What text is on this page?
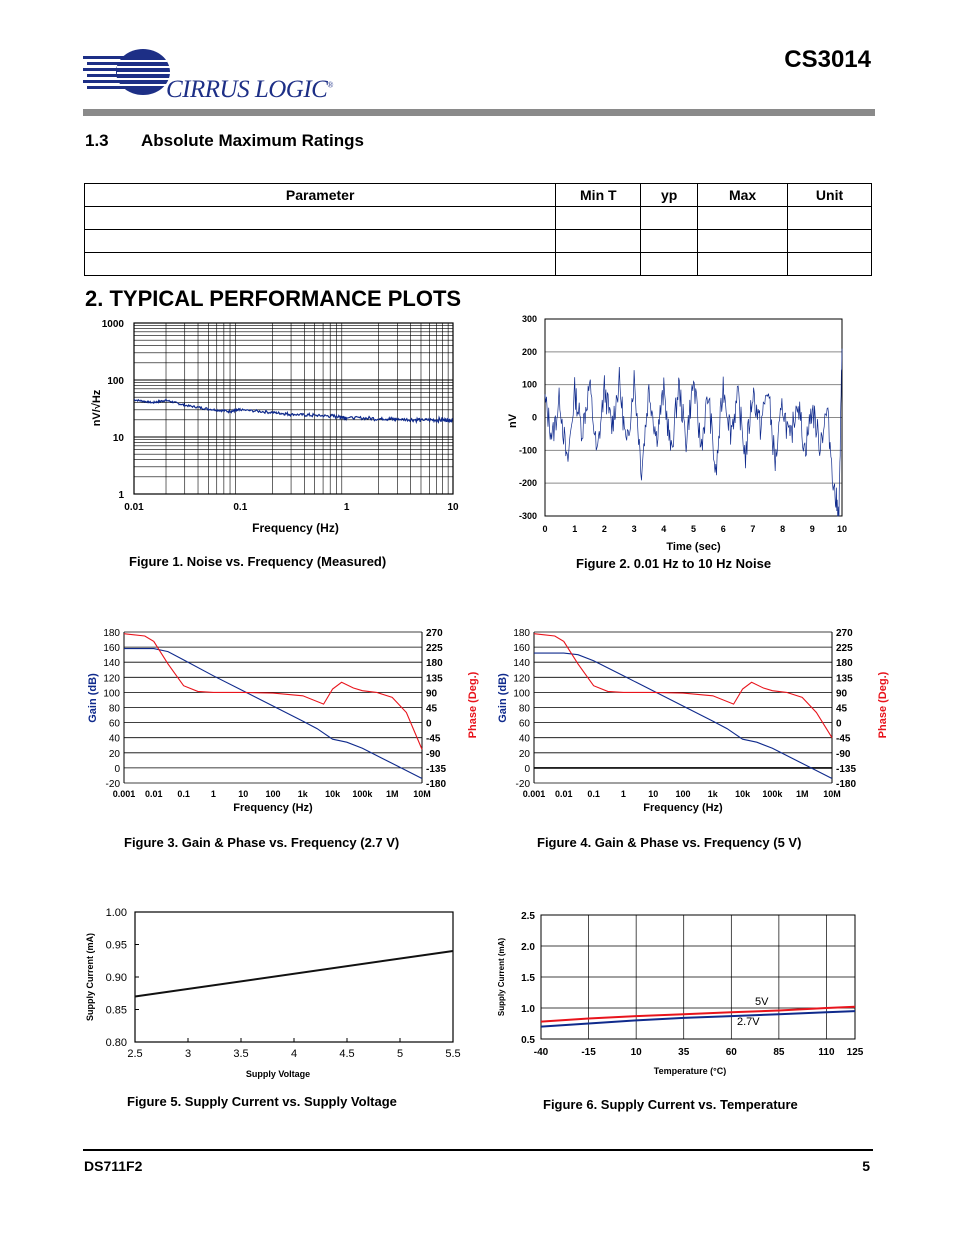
CIRRUS LOGIC®
CS3014
1.3 Absolute Maximum Ratings
Parameter	Min T	yp	Max	Unit

2. TYPICAL PERFORMANCE PLOTS
0.01	0.1	1	10
1
10
100
1000
Frequency (Hz)
nV/√Hz
0	1	2	3	4	5	6	7	8	9 10
300
200
100
0
-100
-200
-300
Time (sec)
nV
180
160
140
120
100
80
60
40
20
0
-20
270
225
180
135
90
45
0
-45
-90
-135
-180
0.001 0.01 0.1 1 10 100 1k 10k 100k 1M 10M
Frequency (Hz)
Gain (dB)	Phase (Deg.)
180
160
140
120
100
80
60
40
20
0
-20
270
225
180
135
90
45
0
-45
-90
-135
-180
0.001 0.01 0.1 1 10 100 1k 10k 100k 1M 10M
Frequency (Hz)
Gain (dB)	Phase (Deg.)
2.5	3	3.5	4	4.5	5	5.5
1.00
0.95
0.90
0.85
0.80
Supply Voltage
Supply Current (mA)
-40	-15	10	35	60	85	110 125
2.5
2.0
1.5
1.0
0.5
Temperature (°C)
Supply Current (mA)	5V
2.7V
Figure 1. Noise vs. Frequency (Measured)	Figure 2. 0.01 Hz to 10 Hz Noise
Figure 3. Gain & Phase vs. Frequency (2.7 V)	Figure 4. Gain & Phase vs. Frequency (5 V)
Figure 5. Supply Current vs. Supply Voltage	Figure 6. Supply Current vs. Temperature
DS711F2	5
